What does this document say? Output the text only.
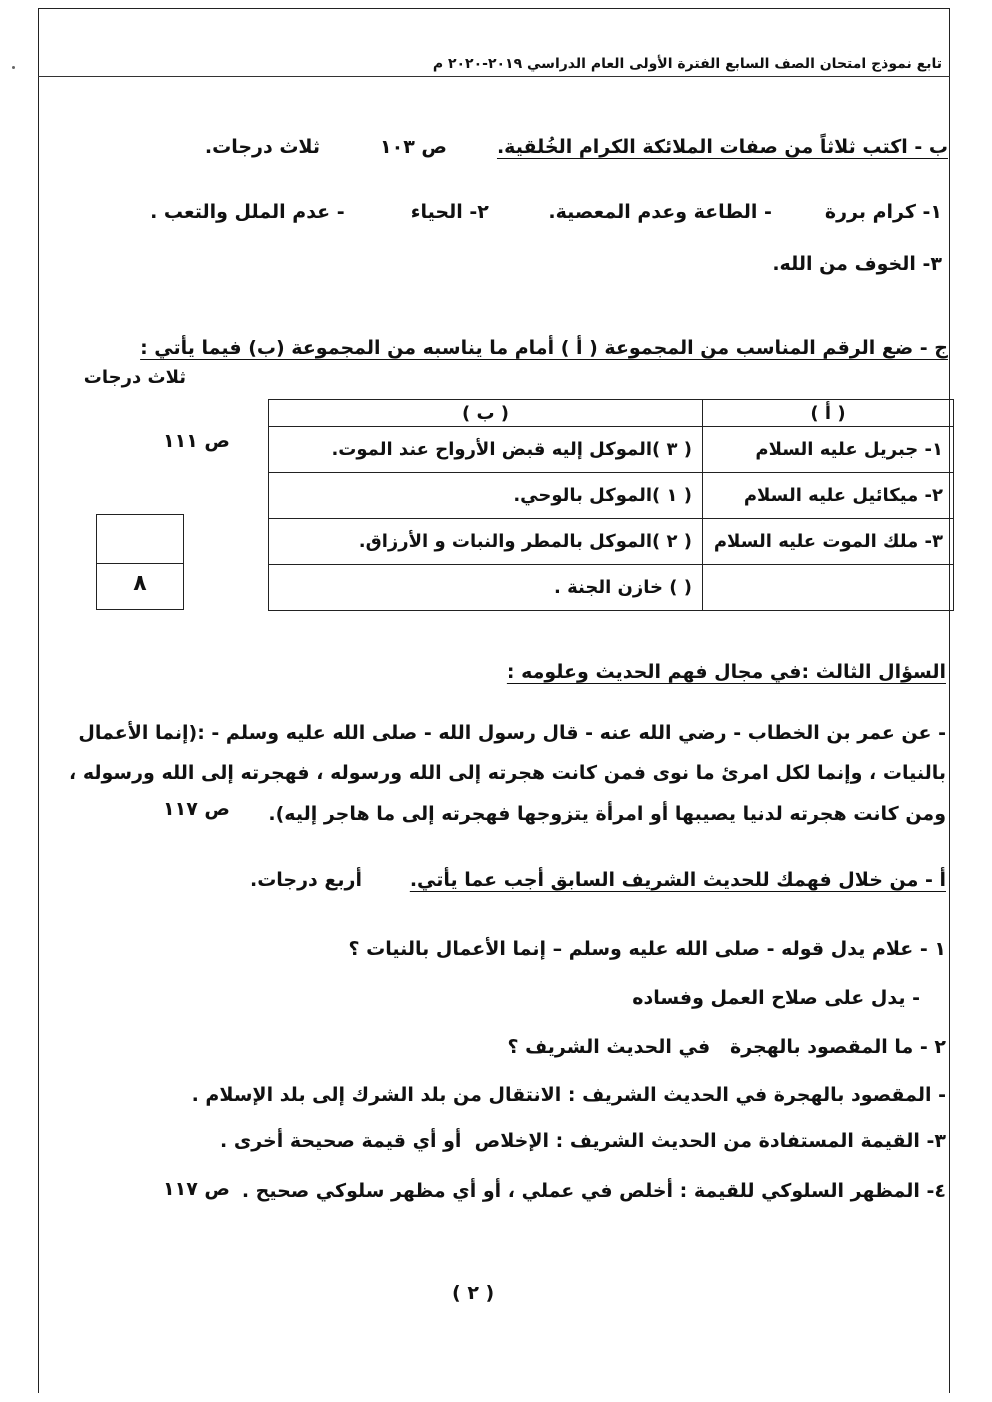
تابع نموذج امتحان الصف السابع الفترة الأولى العام الدراسي ٢٠١٩-٢٠٢٠ م
ب - اكتب ثلاثاً من صفات الملائكة الكرام الخُلقية.
ص ١٠٣
ثلاث درجات.
١- كرام بررة        - الطاعة وعدم المعصية.         ٢- الحياء          - عدم الملل والتعب .
٣- الخوف من الله.
ج - ضع الرقم المناسب من المجموعة ( أ ) أمام ما يناسبه من المجموعة (ب) فيما يأتي :
ثلاث درجات
ص ١١١
( أ )	( ب )
١- جبريل عليه السلام	( ٣ )الموكل إليه قبض الأرواح عند الموت.
٢- ميكائيل عليه السلام	( ١ )الموكل بالوحي.
٣- ملك الموت عليه السلام	( ٢ )الموكل بالمطر والنبات و الأرزاق.
	( ) خازن الجنة .
٨
السؤال الثالث :في مجال فهم الحديث وعلومه :
- عن عمر بن الخطاب - رضي الله عنه - قال رسول الله - صلى الله عليه وسلم - :(إنما الأعمال
بالنيات ، وإنما لكل امرئ ما نوى فمن كانت هجرته إلى الله ورسوله ، فهجرته إلى الله ورسوله ،
ومن كانت هجرته لدنيا يصيبها أو امرأة يتزوجها فهجرته إلى ما هاجر إليه).
ص ١١٧
أ - من خلال فهمك للحديث الشريف السابق أجب عما يأتي.
أربع درجات.
١ - علام يدل قوله - صلى الله عليه وسلم – إنما الأعمال بالنيات ؟
- يدل على صلاح العمل وفساده
٢ - ما المقصود بالهجرة   في الحديث الشريف ؟
- المقصود بالهجرة في الحديث الشريف : الانتقال من بلد الشرك إلى بلد الإسلام .
٣- القيمة المستفادة من الحديث الشريف : الإخلاص  أو أي قيمة صحيحة أخرى .
٤- المظهر السلوكي للقيمة : أخلص في عملي ، أو أي مظهر سلوكي صحيح .
ص ١١٧
( ٢ )
